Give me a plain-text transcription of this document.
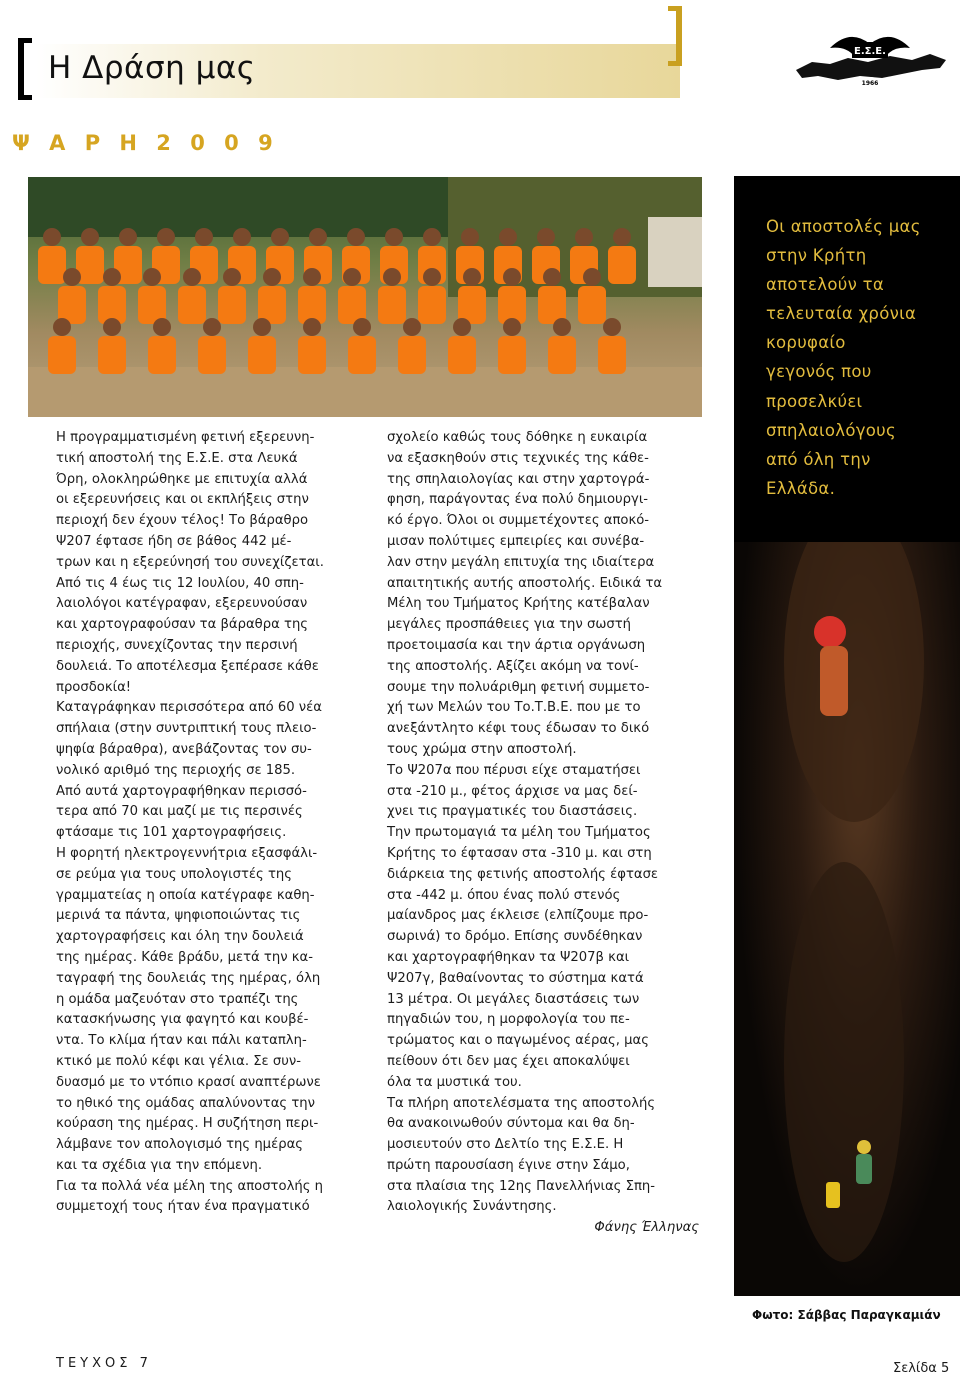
Η Δράση μας	Ε.Σ.Ε.
1966
Ψ Α Ρ Η 2 0 0 9

Η προγραμματισμένη φετινή εξερευνη-

τική αποστολή της Ε.Σ.Ε. στα Λευκά

Όρη, ολοκληρώθηκε με επιτυχία αλλά

οι εξερευνήσεις και οι εκπλήξεις στην

περιοχή δεν έχουν τέλος! Το βάραθρο

Ψ207 έφτασε ήδη σε βάθος 442 μέ-

τρων και η εξερεύνησή του συνεχίζεται.

Από τις 4 έως τις 12 Ιουλίου, 40 σπη-

λαιολόγοι κατέγραφαν, εξερευνούσαν

και χαρτογραφούσαν τα βάραθρα της

περιοχής, συνεχίζοντας την περσινή

δουλειά. Το αποτέλεσμα ξεπέρασε κάθε

προσδοκία!

Καταγράφηκαν περισσότερα από 60 νέα

σπήλαια (στην συντριπτική τους πλειο-

ψηφία βάραθρα), ανεβάζοντας τον συ-

νολικό αριθμό της περιοχής σε 185.

Από αυτά χαρτογραφήθηκαν περισσό-

τερα από 70 και μαζί με τις περσινές

φτάσαμε τις 101 χαρτογραφήσεις.

Η φορητή ηλεκτρογεννήτρια εξασφάλι-

σε ρεύμα για τους υπολογιστές της

γραμματείας η οποία κατέγραφε καθη-

μερινά τα πάντα, ψηφιοποιώντας τις

χαρτογραφήσεις και όλη την δουλειά

της ημέρας. Κάθε βράδυ, μετά την κα-

ταγραφή της δουλειάς της ημέρας, όλη

η ομάδα μαζευόταν στο τραπέζι της

κατασκήνωσης για φαγητό και κουβέ-

ντα. Το κλίμα ήταν και πάλι καταπλη-

κτικό με πολύ κέφι και γέλια. Σε συν-

δυασμό με το ντόπιο κρασί αναπτέρωνε

το ηθικό της ομάδας απαλύνοντας την

κούραση της ημέρας. Η συζήτηση περι-

λάμβανε τον απολογισμό της ημέρας

και τα σχέδια για την επόμενη.

Για τα πολλά νέα μέλη της αποστολής η

συμμετοχή τους ήταν ένα πραγματικό

σχολείο καθώς τους δόθηκε η ευκαιρία

να εξασκηθούν στις τεχνικές της κάθε-

της σπηλαιολογίας και στην χαρτογρά-

φηση, παράγοντας ένα πολύ δημιουργι-

κό έργο. Όλοι οι συμμετέχοντες αποκό-

μισαν πολύτιμες εμπειρίες και συνέβα-

λαν στην μεγάλη επιτυχία της ιδιαίτερα

απαιτητικής αυτής αποστολής. Ειδικά τα

Μέλη του Τμήματος Κρήτης κατέβαλαν

μεγάλες προσπάθειες για την σωστή

προετοιμασία και την άρτια οργάνωση

της αποστολής. Αξίζει ακόμη να τονί-

σουμε την πολυάριθμη φετινή συμμετο-

χή των Μελών του Το.Τ.Β.Ε. που με το

ανεξάντλητο κέφι τους έδωσαν το δικό

τους χρώμα στην αποστολή.

Το Ψ207α που πέρυσι είχε σταματήσει

στα -210 μ., φέτος άρχισε να μας δεί-

χνει τις πραγματικές του διαστάσεις.

Την πρωτομαγιά τα μέλη του Τμήματος

Κρήτης το έφτασαν στα -310 μ. και στη

διάρκεια της φετινής αποστολής έφτασε

στα -442 μ. όπου ένας πολύ στενός

μαίανδρος μας έκλεισε (ελπίζουμε προ-

σωρινά) το δρόμο. Επίσης συνδέθηκαν

και χαρτογραφήθηκαν τα Ψ207β και

Ψ207γ, βαθαίνοντας το σύστημα κατά

13 μέτρα. Οι μεγάλες διαστάσεις των

πηγαδιών του, η μορφολογία του πε-

τρώματος και ο παγωμένος αέρας, μας

πείθουν ότι δεν μας έχει αποκαλύψει

όλα τα μυστικά του.

Τα πλήρη αποτελέσματα της αποστολής

θα ανακοινωθούν σύντομα και θα δη-

μοσιευτούν στο Δελτίο της Ε.Σ.Ε. Η

πρώτη παρουσίαση έγινε στην Σάμο,

στα πλαίσια της 12ης Πανελλήνιας Σπη-

λαιολογικής Συνάντησης.

Φάνης Έλληνας

Οι αποστολές μας
στην Κρήτη
αποτελούν τα
τελευταία χρόνια
κορυφαίο
γεγονός που
προσελκύει
σπηλαιολόγους
από όλη την
Ελλάδα.
Φωτο: Σάββας Παραγκαμιάν
ΤΕΥΧΟΣ 7	Σελίδα 5
